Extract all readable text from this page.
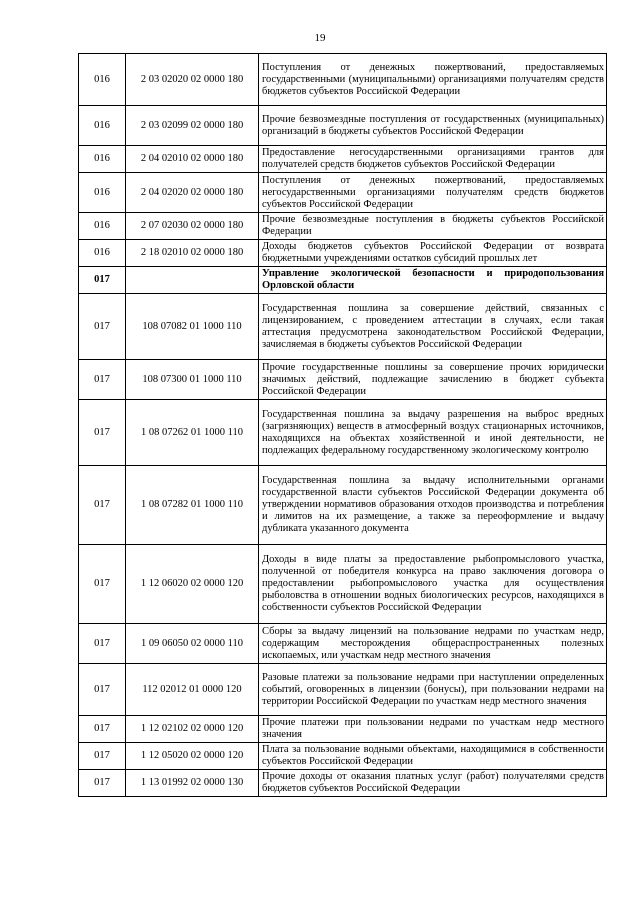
19
016	2 03 02020 02 0000 180	Поступления от денежных пожертвований, предоставляемых государственными (муниципальными) организациями получателям средств бюджетов субъектов Российской Федерации
016	2 03 02099 02 0000 180	Прочие безвозмездные поступления от государственных (муниципальных) организаций в бюджеты субъектов Российской Федерации
016	2 04 02010 02 0000 180	Предоставление негосударственными организациями грантов для получателей средств бюджетов субъектов Российской Федерации
016	2 04 02020 02 0000 180	Поступления от денежных пожертвований, предоставляемых негосударственными организациями получателям средств бюджетов субъектов Российской Федерации
016	2 07 02030 02 0000 180	Прочие безвозмездные поступления в бюджеты субъектов Российской Федерации
016	2 18 02010 02 0000 180	Доходы бюджетов субъектов Российской Федерации от возврата бюджетными учреждениями остатков субсидий прошлых лет
017		Управление экологической безопасности и природопользования Орловской области
017	108 07082 01 1000 110	Государственная пошлина за совершение действий, связанных с лицензированием, с проведением аттестации в случаях, если такая аттестация предусмотрена законодательством Российской Федерации, зачисляемая в бюджеты субъектов Российской Федерации
017	108 07300 01 1000 110	Прочие государственные пошлины за совершение прочих юридически значимых действий, подлежащие зачислению в бюджет субъекта Российской Федерации
017	1 08 07262 01 1000 110	Государственная пошлина за выдачу разрешения на выброс вредных (загрязняющих) веществ в атмосферный воздух стационарных источников, находящихся на объектах хозяйственной и иной деятельности, не подлежащих федеральному государственному экологическому контролю
017	1 08 07282 01 1000 110	Государственная пошлина за выдачу исполнительными органами государственной власти субъектов Российской Федерации документа об утверждении нормативов образования отходов производства и потребления и лимитов на их размещение, а также за переоформление и выдачу дубликата указанного документа
017	1 12 06020 02 0000 120	Доходы в виде платы за предоставление рыбопромыслового участка, полученной от победителя конкурса на право заключения договора о предоставлении рыбопромыслового участка для осуществления рыболовства в отношении водных биологических ресурсов, находящихся в собственности субъектов Российской Федерации
017	1 09 06050 02 0000 110	Сборы за выдачу лицензий на пользование недрами по участкам недр, содержащим месторождения общераспространенных полезных ископаемых, или участкам недр местного значения
017	112 02012 01 0000 120	Разовые платежи за пользование недрами при наступлении определенных событий, оговоренных в лицензии (бонусы), при пользовании недрами на территории Российской Федерации по участкам недр местного значения
017	1 12 02102 02 0000 120	Прочие платежи при пользовании недрами по участкам недр местного значения
017	1 12 05020 02 0000 120	Плата за пользование водными объектами, находящимися в собственности субъектов Российской Федерации
017	1 13 01992 02 0000 130	Прочие доходы от оказания платных услуг (работ) получателями средств бюджетов субъектов Российской Федерации
